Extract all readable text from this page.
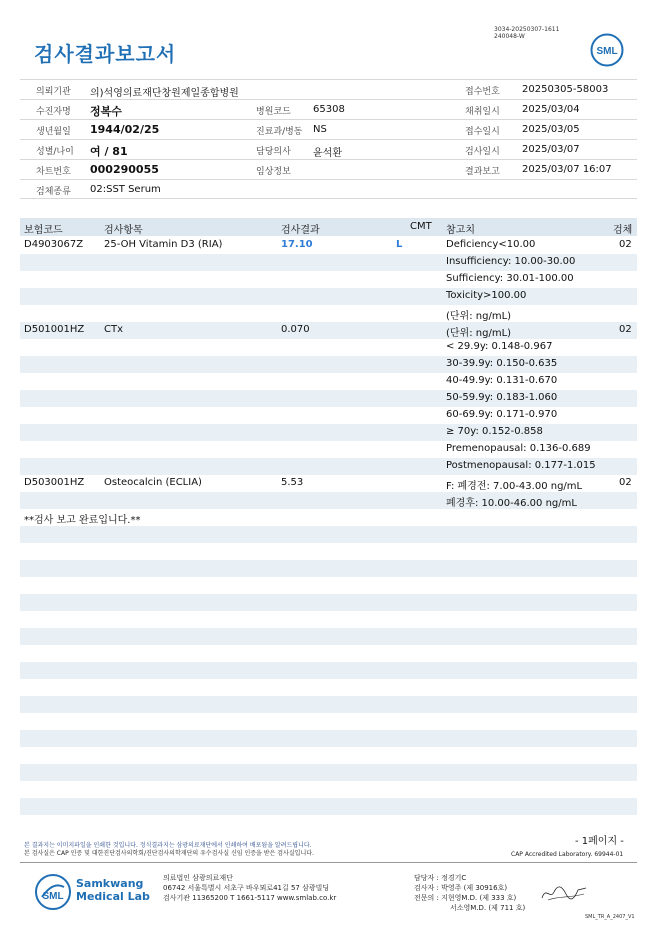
3034-20250307-1611
240048-W
검사결과보고서	SML
의뢰기관 의)석영의료재단창원제일종합병원	접수번호 20250305-58003
수진자명 정복수	병원코드 65308	채취일시 2025/03/04
생년월일 1944/02/25	진료과/병동 NS	접수일시 2025/03/05
성별/나이 여 / 81	담당의사 윤석환	검사일시 2025/03/07
차트번호 000290055	임상정보	결과보고 2025/03/07 16:07
검체종류 02:SST Serum
보험코드	검사항목	검사결과	CMT 참고치	검체
D4903067Z 25-OH Vitamin D3 (RIA)	17.10	L	Deficiency<10.00	02
Insufficiency: 10.00-30.00
Sufficiency: 30.01-100.00
Toxicity>100.00
(단위: ng/mL)
D501001HZ CTx	0.070	(단위: ng/mL)	02
< 29.9y: 0.148-0.967
30-39.9y: 0.150-0.635
40-49.9y: 0.131-0.670
50-59.9y: 0.183-1.060
60-69.9y: 0.171-0.970
≥ 70y: 0.152-0.858
Premenopausal: 0.136-0.689
Postmenopausal: 0.177-1.015
D503001HZ Osteocalcin (ECLIA)	5.53	F: 폐경전: 7.00-43.00 ng/mL	02
폐경후: 10.00-46.00 ng/mL
**검사 보고 완료입니다.**
- 1페이지 -
본 결과지는 이미지파일을 인쇄한 것입니다. 정식결과지는 삼광의료재단에서 인쇄하여 배포됨을 알려드립니다.
본 검사실은 CAP 인증 및 대한진단검사의학회/진단검사의학재단의 우수검사실 신임 인증을 받은 검사실입니다.	CAP Accredited Laboratory. 69944-01
SML
Samkwang
Medical Lab
의료법인 삼광의료재단
06742 서울특별시 서초구 바우뫼로41길 57 삼광빌딩
검사기관 11365200 T 1661-5117 www.smlab.co.kr
담당자 : 정경기C
검사자 : 박영주 (제 30916호)
전문의 : 지현영M.D. (제 333 호)
서소영M.D. (제 711 호)
SML_TR_A_2407_V1
